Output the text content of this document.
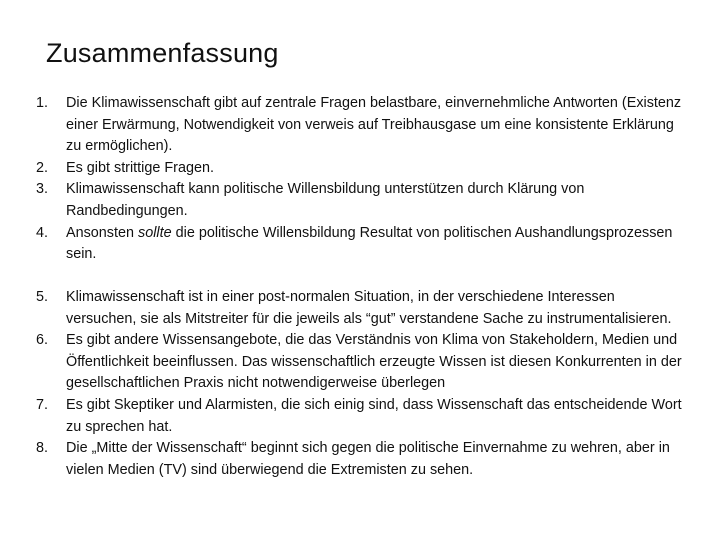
Zusammenfassung
1.	Die Klimawissenschaft gibt auf zentrale Fragen belastbare, einvernehmliche Antworten (Existenz einer Erwärmung, Notwendigkeit von verweis auf Treibhausgase um eine konsistente Erklärung zu ermöglichen).
2.	Es gibt strittige Fragen.
3.	Klimawissenschaft kann politische Willensbildung unterstützen durch Klärung von Randbedingungen.
4.	Ansonsten sollte die politische Willensbildung Resultat von politischen Aushandlungsprozessen sein.
5.	Klimawissenschaft ist in einer post-normalen Situation, in der verschiedene Interessen versuchen, sie als Mitstreiter für die jeweils als “gut” verstandene Sache zu instrumentalisieren.
6.	Es gibt andere Wissensangebote, die das Verständnis von Klima von Stakeholdern, Medien und Öffentlichkeit beeinflussen. Das wissenschaftlich erzeugte Wissen ist diesen Konkurrenten in der gesellschaftlichen Praxis nicht notwendigerweise überlegen
7.	Es gibt Skeptiker und Alarmisten, die sich einig sind, dass Wissenschaft das entscheidende Wort zu sprechen hat.
8.	Die „Mitte der Wissenschaft“ beginnt sich gegen die politische Einvernahme zu wehren, aber in vielen Medien (TV) sind überwiegend die Extremisten zu sehen.
